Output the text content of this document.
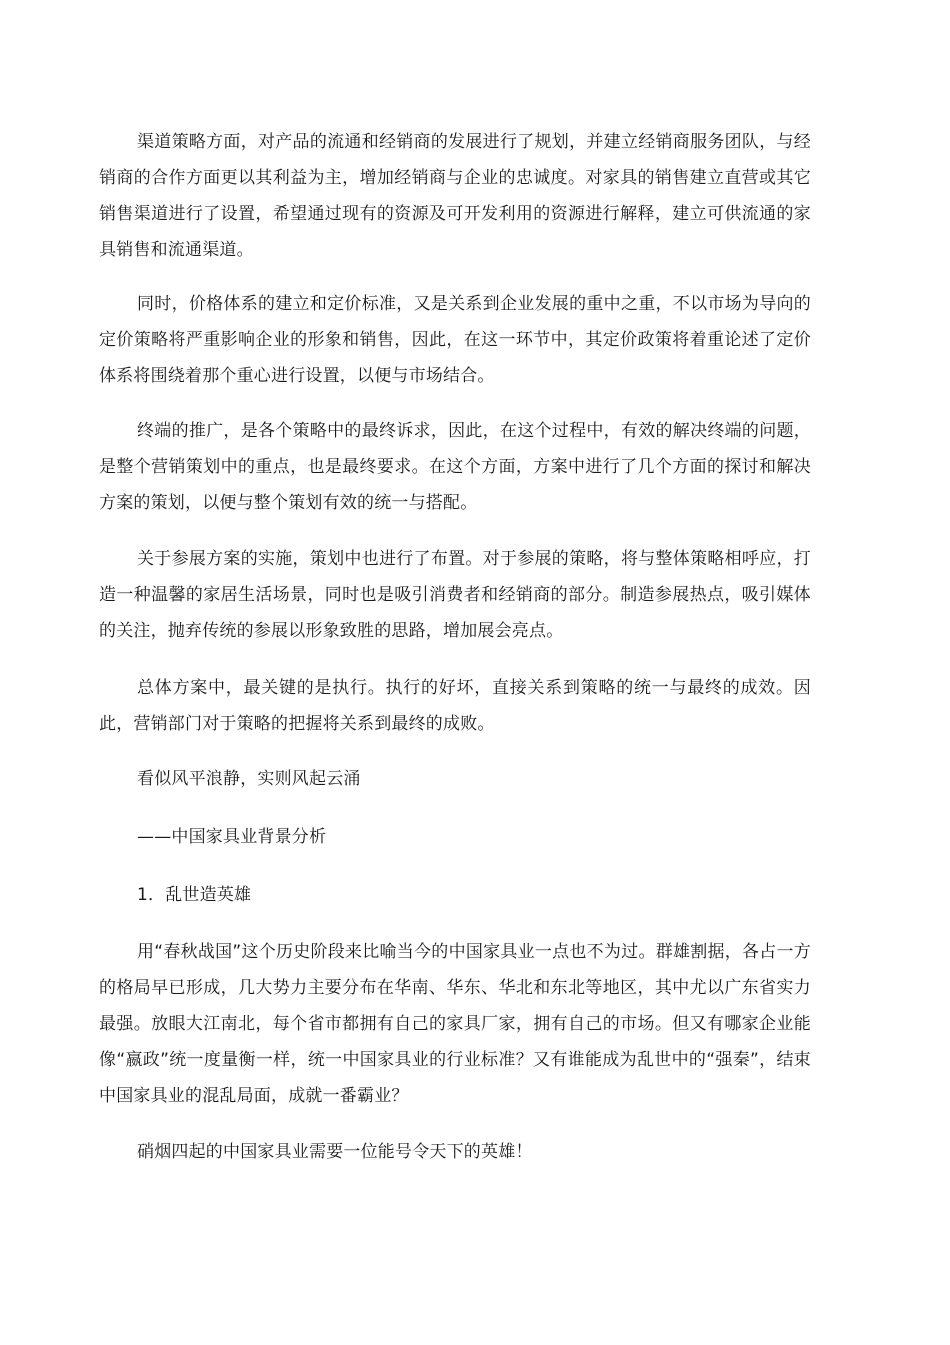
渠道策略方面，对产品的流通和经销商的发展进行了规划，并建立经销商服务团队，与经销商的合作方面更以其利益为主，增加经销商与企业的忠诚度。对家具的销售建立直营或其它销售渠道进行了设置，希望通过现有的资源及可开发利用的资源进行解释，建立可供流通的家具销售和流通渠道。

同时，价格体系的建立和定价标准，又是关系到企业发展的重中之重，不以市场为导向的定价策略将严重影响企业的形象和销售，因此，在这一环节中，其定价政策将着重论述了定价体系将围绕着那个重心进行设置，以便与市场结合。

终端的推广，是各个策略中的最终诉求，因此，在这个过程中，有效的解决终端的问题，是整个营销策划中的重点，也是最终要求。在这个方面，方案中进行了几个方面的探讨和解决方案的策划，以便与整个策划有效的统一与搭配。

关于参展方案的实施，策划中也进行了布置。对于参展的策略，将与整体策略相呼应，打造一种温馨的家居生活场景，同时也是吸引消费者和经销商的部分。制造参展热点，吸引媒体的关注，抛弃传统的参展以形象致胜的思路，增加展会亮点。

总体方案中，最关键的是执行。执行的好坏，直接关系到策略的统一与最终的成效。因此，营销部门对于策略的把握将关系到最终的成败。

看似风平浪静，实则风起云涌

——中国家具业背景分析

1．乱世造英雄

用“春秋战国”这个历史阶段来比喻当今的中国家具业一点也不为过。群雄割据，各占一方的格局早已形成，几大势力主要分布在华南、华东、华北和东北等地区，其中尤以广东省实力最强。放眼大江南北，每个省市都拥有自己的家具厂家，拥有自己的市场。但又有哪家企业能像“嬴政”统一度量衡一样，统一中国家具业的行业标准？又有谁能成为乱世中的“强秦”，结束中国家具业的混乱局面，成就一番霸业？

硝烟四起的中国家具业需要一位能号令天下的英雄！
